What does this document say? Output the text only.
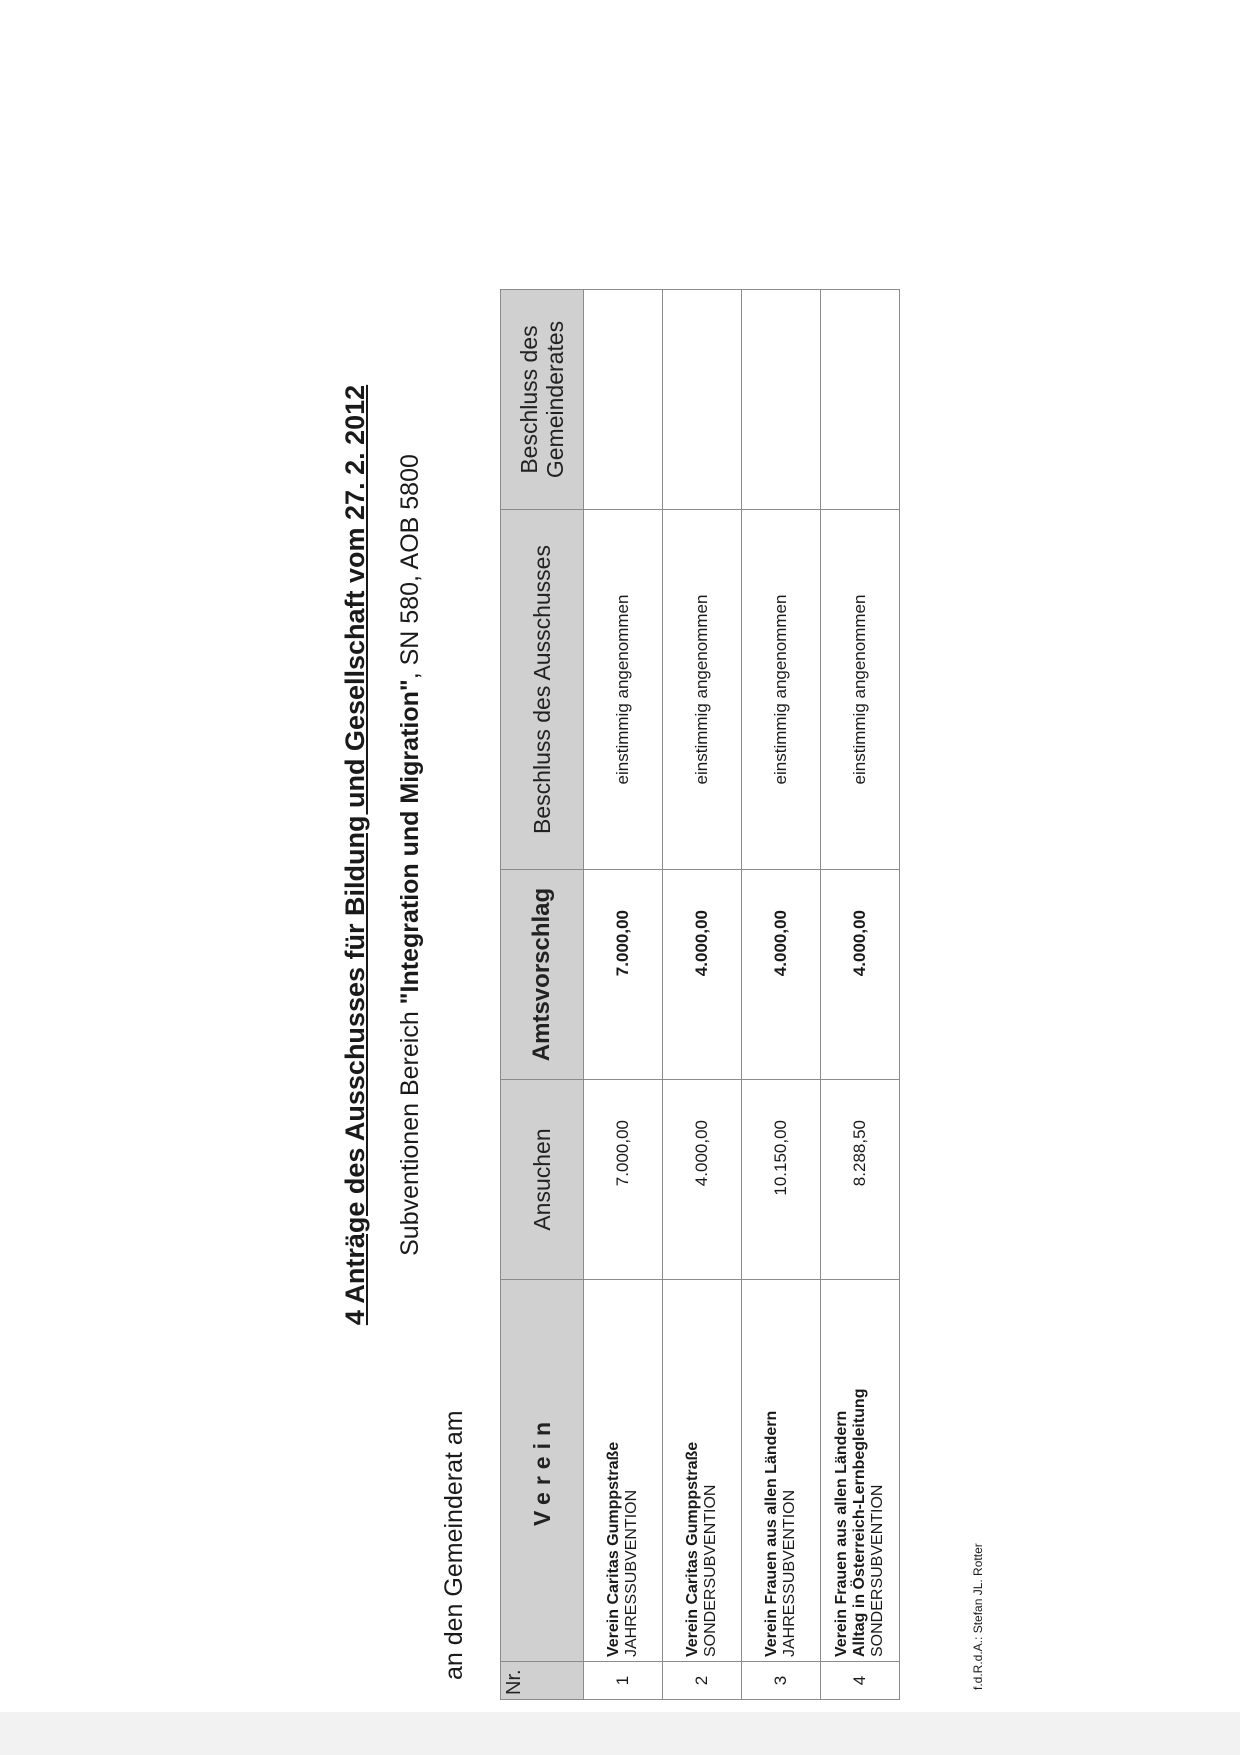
4 Anträge des Ausschusses für Bildung und Gesellschaft vom 27. 2. 2012 Subventionen Bereich "Integration und Migration", SN 580, AOB 5800
an den Gemeinderat am
Nr.	Verein	Ansuchen	Amtsvorschlag	Beschluss des Ausschusses	Beschluss des
Gemeinderates
1	Verein Caritas Gumppstraße JAHRESSUBVENTION	7.000,00	7.000,00	einstimmig angenommen	
2	Verein Caritas Gumppstraße SONDERSUBVENTION	4.000,00	4.000,00	einstimmig angenommen	
3	Verein Frauen aus allen Ländern JAHRESSUBVENTION	10.150,00	4.000,00	einstimmig angenommen	
4	Verein Frauen aus allen Ländern Alltag in Österreich-Lernbegleitung SONDERSUBVENTION	8.288,50	4.000,00	einstimmig angenommen	
f.d.R.d.A.: Stefan JL. Rotter
